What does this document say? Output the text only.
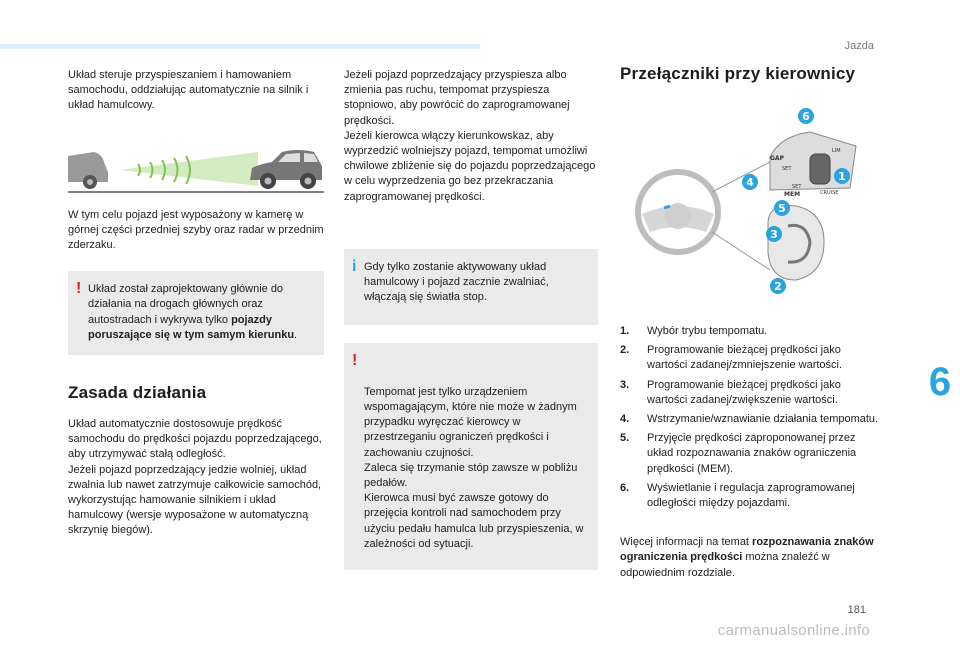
Jazda

Układ steruje przyspieszaniem i hamowaniem samochodu, oddziałując automatycznie na silnik i układ hamulcowy.

W tym celu pojazd jest wyposażony w kamerę w górnej części przedniej szyby oraz radar w przednim zderzaku.

! Układ został zaprojektowany głównie do działania na drogach głównych oraz autostradach i wykrywa tylko pojazdy poruszające się w tym samym kierunku.
Zasada działania

Układ automatycznie dostosowuje prędkość samochodu do prędkości pojazdu poprzedzającego, aby utrzymywać stałą odległość.
Jeżeli pojazd poprzedzający jedzie wolniej, układ zwalnia lub nawet zatrzymuje całkowicie samochód, wykorzystując hamowanie silnikiem i układ hamulcowy (wersje wyposażone w automatyczną skrzynię biegów).

Jeżeli pojazd poprzedzający przyspiesza albo zmienia pas ruchu, tempomat przyspiesza stopniowo, aby powrócić do zaprogramowanej prędkości.
Jeżeli kierowca włączy kierunkowskaz, aby wyprzedzić wolniejszy pojazd, tempomat umożliwi chwilowe zbliżenie się do pojazdu poprzedzającego w celu wyprzedzenia go bez przekraczania zaprogramowanej prędkości.

i Gdy tylko zostanie aktywowany układ hamulcowy i pojazd zacznie zwalniać, włączają się światła stop.

!

Tempomat jest tylko urządzeniem wspomagającym, które nie może w żadnym przypadku wyręczać kierowcy w przestrzeganiu ograniczeń prędkości i zachowaniu czujności.
Zaleca się trzymanie stóp zawsze w pobliżu pedałów.
Kierowca musi być zawsze gotowy do przejęcia kontroli nad samochodem przy użyciu pedału hamulca lub przyspieszenia, w zależności od sytuacji.

Przełączniki przy kierownicy
GAP
SET
SET
MEM
LIM
CRUISE
6
1
4
5
3
2
1.	Wybór trybu tempomatu.
2.	Programowanie bieżącej prędkości jako wartości zadanej/zmniejszenie wartości.
3.	Programowanie bieżącej prędkości jako wartości zadanej/zwiększenie wartości.
4.	Wstrzymanie/wznawianie działania tempomatu.
5.	Przyjęcie prędkości zaproponowanej przez układ rozpoznawania znaków ograniczenia prędkości (MEM).
6.	Wyświetlanie i regulacja zaprogramowanej odległości między pojazdami.

Więcej informacji na temat rozpoznawania znaków ograniczenia prędkości można znaleźć w odpowiednim rozdziale.

6
181
carmanualsonline.info
